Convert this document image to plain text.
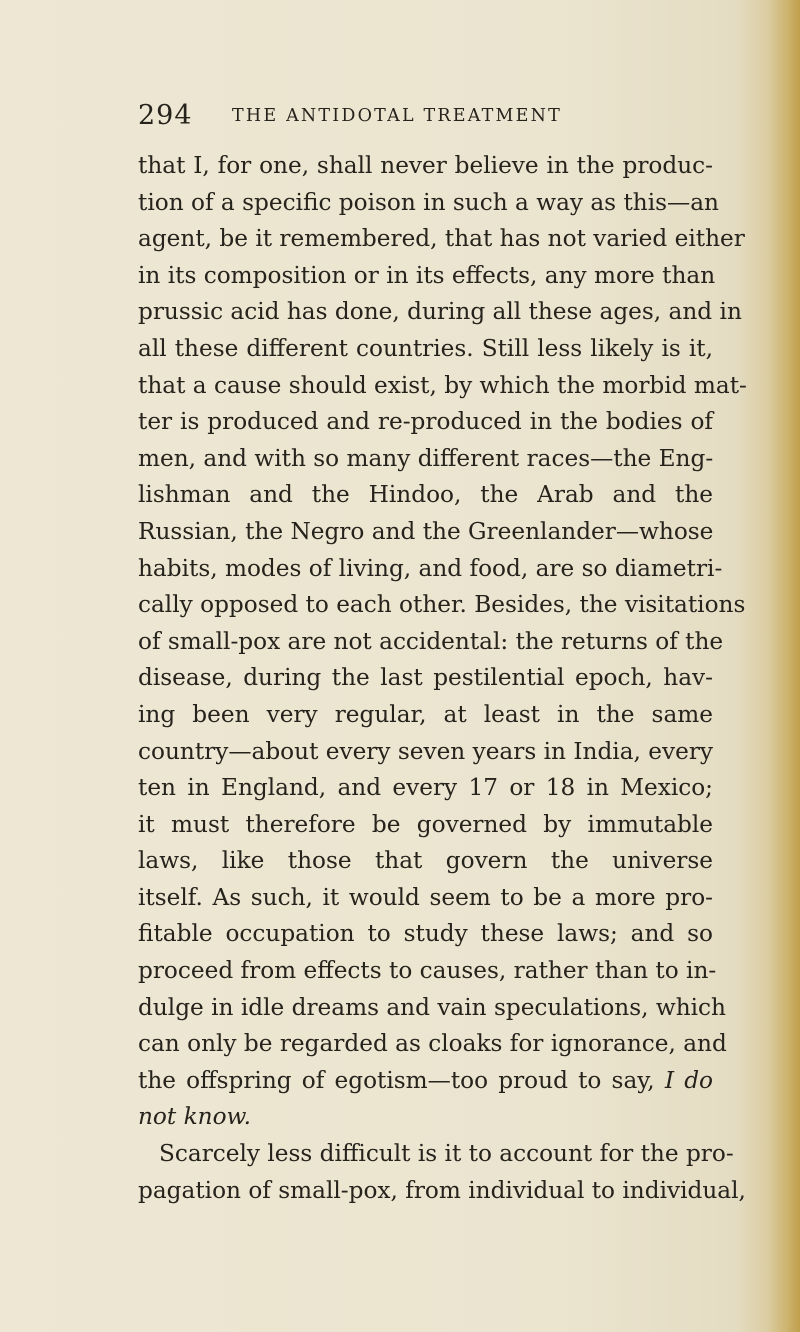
294 THE ANTIDOTAL TREATMENT
that I, for one, shall never believe in the produc-
tion of a specific poison in such a way as this—an
agent, be it remembered, that has not varied either
in its composition or in its effects, any more than
prussic acid has done, during all these ages, and in
all these different countries. Still less likely is it,
that a cause should exist, by which the morbid mat-
ter is produced and re-produced in the bodies of
men, and with so many different races—the Eng-
lishman and the Hindoo, the Arab and the
Russian, the Negro and the Greenlander—whose
habits, modes of living, and food, are so diametri-
cally opposed to each other. Besides, the visitations
of small-pox are not accidental: the returns of the
disease, during the last pestilential epoch, hav-
ing been very regular, at least in the same
country—about every seven years in India, every
ten in England, and every 17 or 18 in Mexico;
it must therefore be governed by immutable
laws, like those that govern the universe
itself. As such, it would seem to be a more pro-
fitable occupation to study these laws; and so
proceed from effects to causes, rather than to in-
dulge in idle dreams and vain speculations, which
can only be regarded as cloaks for ignorance, and
the offspring of egotism—too proud to say, I do
not know.
Scarcely less difficult is it to account for the pro-
pagation of small-pox, from individual to individual,
